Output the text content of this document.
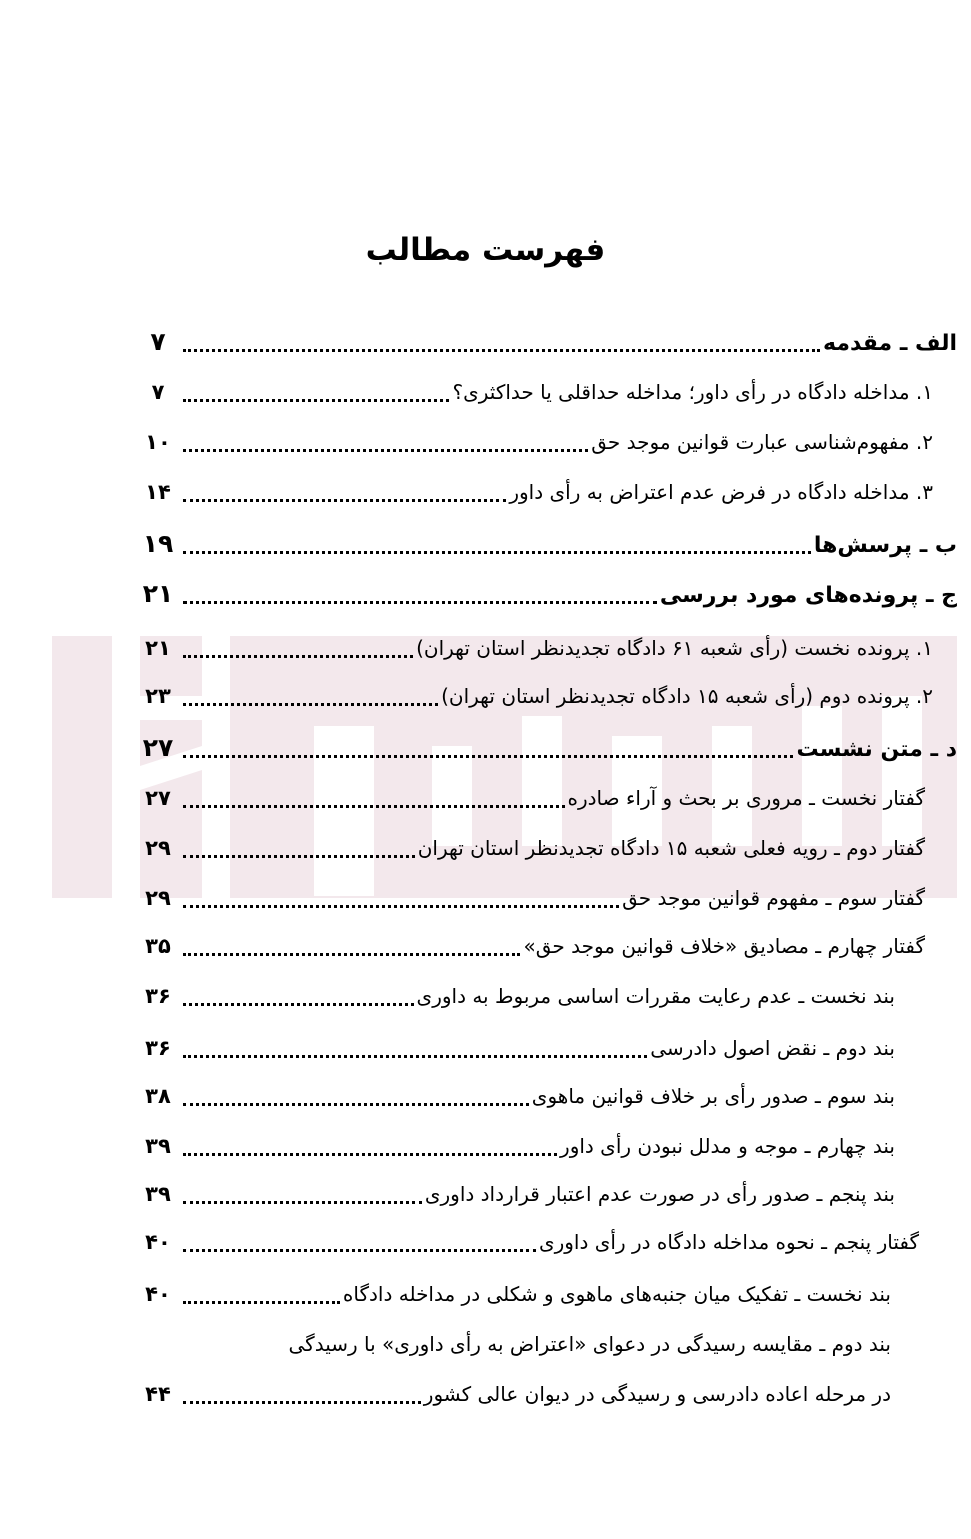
فهرست مطالب
الف ـ مقدمه
۷
۱. مداخله دادگاه در رأی داور؛ مداخله حداقلی یا حداکثری؟
۷
۲. مفهوم‌شناسی عبارت قوانین موجد حق
۱۰
۳. مداخله دادگاه در فرض عدم اعتراض به رأی داور
۱۴
ب ـ پرسش‌ها
۱۹
ج ـ پرونده‌های مورد بررسی
۲۱
۱. پرونده نخست (رأی شعبه ۶۱ دادگاه تجدیدنظر استان تهران)
۲۱
۲. پرونده دوم (رأی شعبه ۱۵ دادگاه تجدیدنظر استان تهران)
۲۳
د ـ متن نشست
۲۷
گفتار نخست ـ مروری بر بحث و آراء صادره
۲۷
گفتار دوم ـ رویه فعلی شعبه ۱۵ دادگاه تجدیدنظر استان تهران
۲۹
گفتار سوم ـ مفهوم قوانین موجد حق
۲۹
گفتار چهارم ـ مصادیق «خلاف قوانین موجد حق»
۳۵
بند نخست ـ عدم رعایت مقررات اساسی مربوط به داوری
۳۶
بند دوم ـ نقض اصول دادرسی
۳۶
بند سوم ـ صدور رأی بر خلاف قوانین ماهوی
۳۸
بند چهارم ـ موجه و مدلل نبودن رأی داور
۳۹
بند پنجم ـ صدور رأی در صورت عدم اعتبار قرارداد داوری
۳۹
گفتار پنجم ـ نحوه مداخله دادگاه در رأی داوری
۴۰
بند نخست ـ تفکیک میان جنبه‌های ماهوی و شکلی در مداخله دادگاه
۴۰
بند دوم ـ مقایسه رسیدگی در دعوای «اعتراض به رأی داوری» با رسیدگی
در مرحله اعاده دادرسی و رسیدگی در دیوان عالی کشور
۴۴
